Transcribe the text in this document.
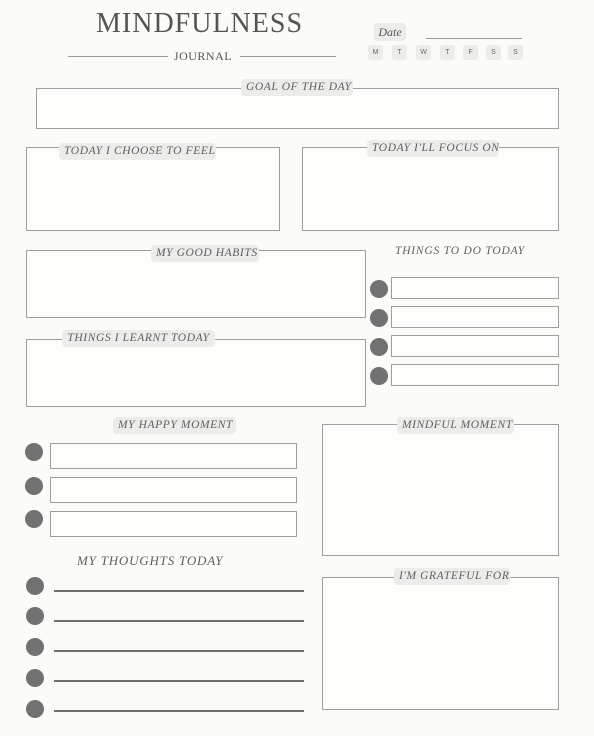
MINDFULNESS
JOURNAL
Date
M	T	W	T	F	S	S
GOAL OF THE DAY
TODAY I CHOOSE TO FEEL	TODAY I'LL FOCUS ON
MY GOOD HABITS	THINGS TO DO TODAY
THINGS I LEARNT TODAY
MY HAPPY MOMENT	MINDFUL MOMENT
MY THOUGHTS TODAY
I'M GRATEFUL FOR
